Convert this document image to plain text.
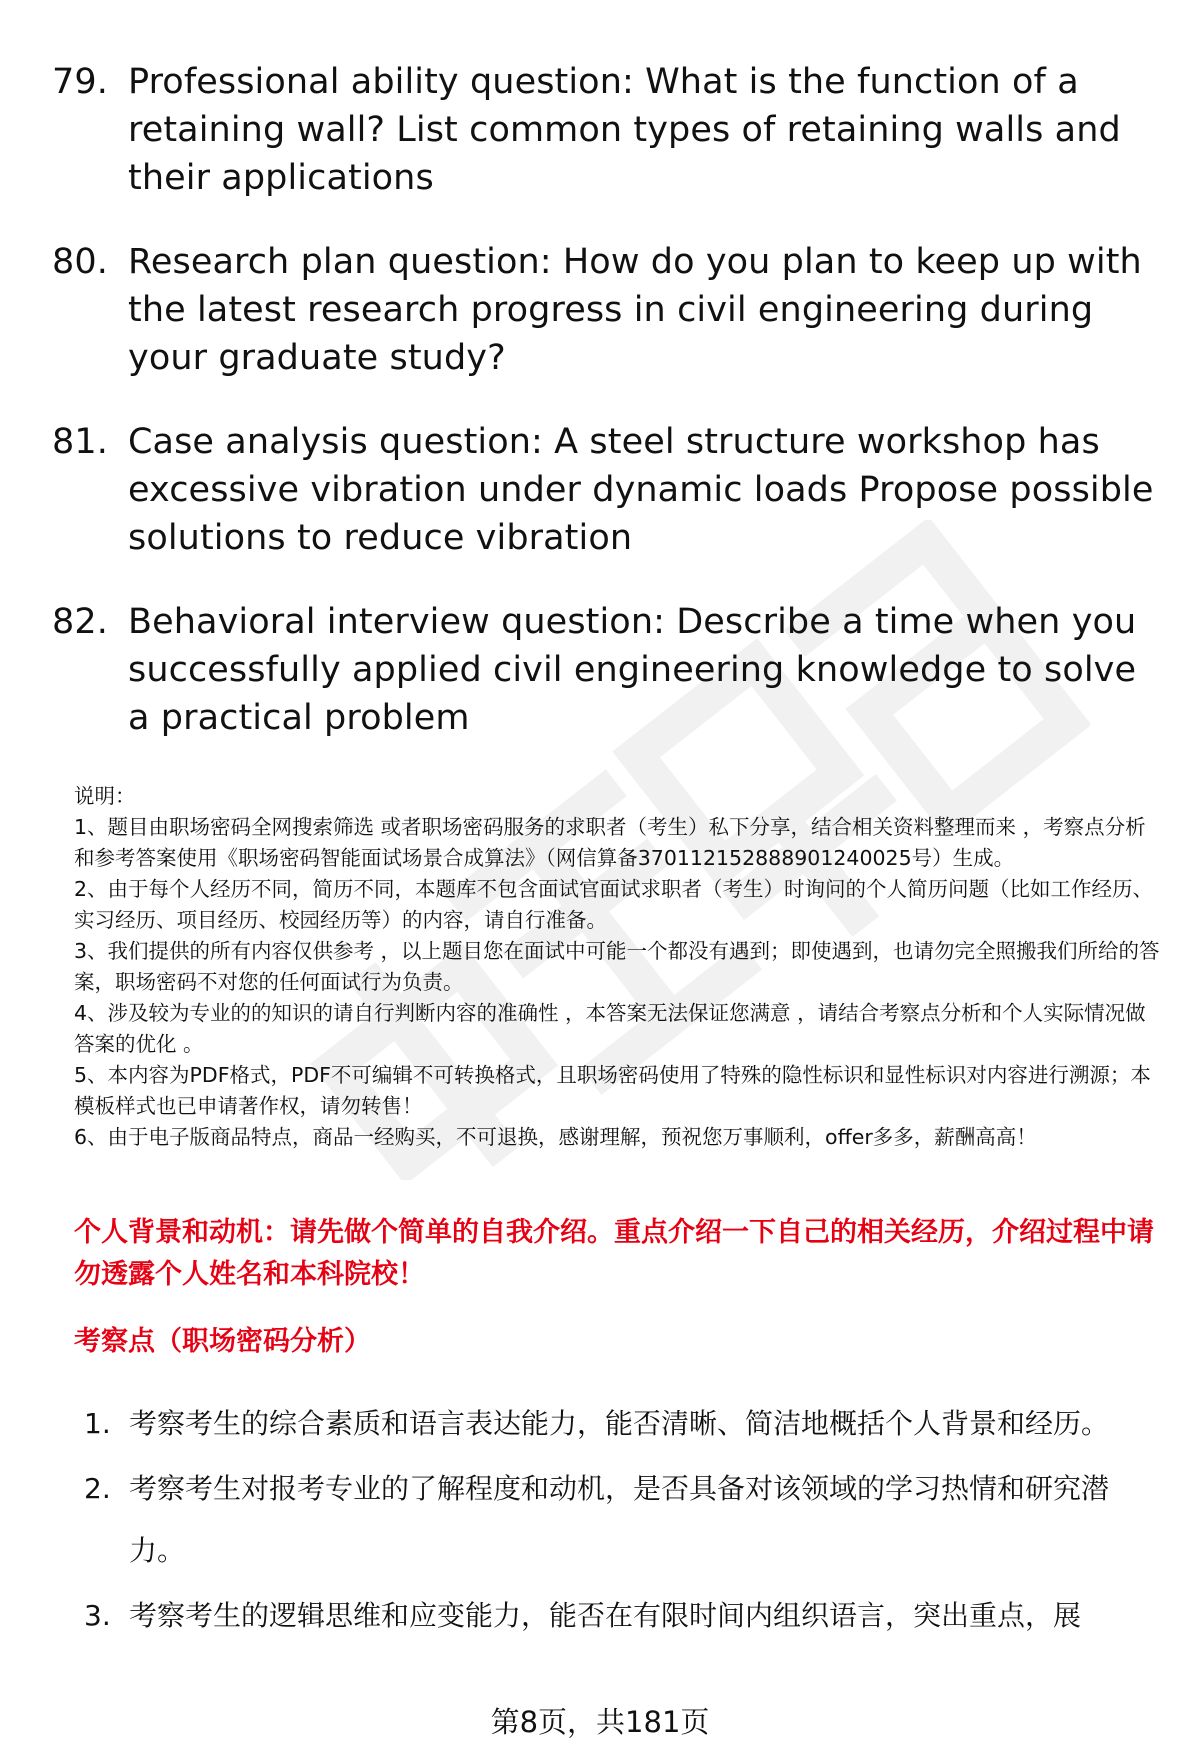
79. Professional ability question: What is the function of a retaining wall? List common types of retaining walls and their applications
80. Research plan question: How do you plan to keep up with the latest research progress in civil engineering during your graduate study?
81. Case analysis question: A steel structure workshop has excessive vibration under dynamic loads Propose possible solutions to reduce vibration
82. Behavioral interview question: Describe a time when you successfully applied civil engineering knowledge to solve a practical problem

说明：

1、题目由职场密码全网搜索筛选 或者职场密码服务的求职者（考生）私下分享，结合相关资料整理而来 ，考察点分析和参考答案使用《职场密码智能面试场景合成算法》（网信算备370112152888901240025号）生成。

2、由于每个人经历不同，简历不同，本题库不包含面试官面试求职者（考生）时询问的个人简历问题（比如工作经历、实习经历、项目经历、校园经历等）的内容，请自行准备。

3、我们提供的所有内容仅供参考 ，以上题目您在面试中可能一个都没有遇到；即使遇到，也请勿完全照搬我们所给的答案，职场密码不对您的任何面试行为负责。

4、涉及较为专业的的知识的请自行判断内容的准确性 ，本答案无法保证您满意 ，请结合考察点分析和个人实际情况做答案的优化 。

5、本内容为PDF格式，PDF不可编辑不可转换格式，且职场密码使用了特殊的隐性标识和显性标识对内容进行溯源；本模板样式也已申请著作权，请勿转售！

6、由于电子版商品特点，商品一经购买，不可退换，感谢理解，预祝您万事顺利，offer多多，薪酬高高！

个人背景和动机：请先做个简单的自我介绍。重点介绍一下自己的相关经历，介绍过程中请勿透露个人姓名和本科院校！
考察点（职场密码分析）
1. 考察考生的综合素质和语言表达能力，能否清晰、简洁地概括个人背景和经历。
2. 考察考生对报考专业的了解程度和动机，是否具备对该领域的学习热情和研究潜力。
3. 考察考生的逻辑思维和应变能力，能否在有限时间内组织语言，突出重点，展
第8页，共181页
